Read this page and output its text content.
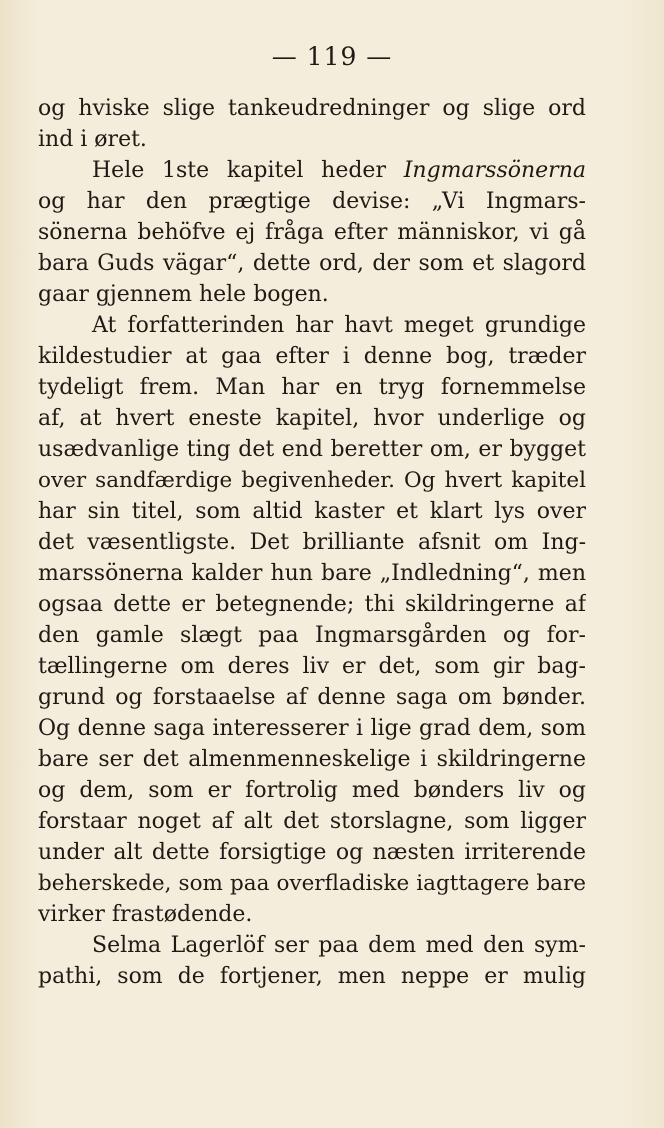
— 119 —
og hviske slige tankeudredninger og slige ord
ind i øret.
Hele 1ste kapitel heder Ingmarssönerna
og har den prægtige devise: „Vi Ingmars-
sönerna behöfve ej fråga efter människor, vi gå
bara Guds vägar“, dette ord, der som et slagord
gaar gjennem hele bogen.
At forfatterinden har havt meget grundige
kildestudier at gaa efter i denne bog, træder
tydeligt frem. Man har en tryg fornemmelse
af, at hvert eneste kapitel, hvor underlige og
usædvanlige ting det end beretter om, er bygget
over sandfærdige begivenheder. Og hvert kapitel
har sin titel, som altid kaster et klart lys over
det væsentligste. Det brilliante afsnit om Ing-
marssönerna kalder hun bare „Indledning“, men
ogsaa dette er betegnende; thi skildringerne af
den gamle slægt paa Ingmarsgården og for-
tællingerne om deres liv er det, som gir bag-
grund og forstaaelse af denne saga om bønder.
Og denne saga interesserer i lige grad dem, som
bare ser det almenmenneskelige i skildringerne
og dem, som er fortrolig med bønders liv og
forstaar noget af alt det storslagne, som ligger
under alt dette forsigtige og næsten irriterende
beherskede, som paa overfladiske iagttagere bare
virker frastødende.
Selma Lagerlöf ser paa dem med den sym-
pathi, som de fortjener, men neppe er mulig
